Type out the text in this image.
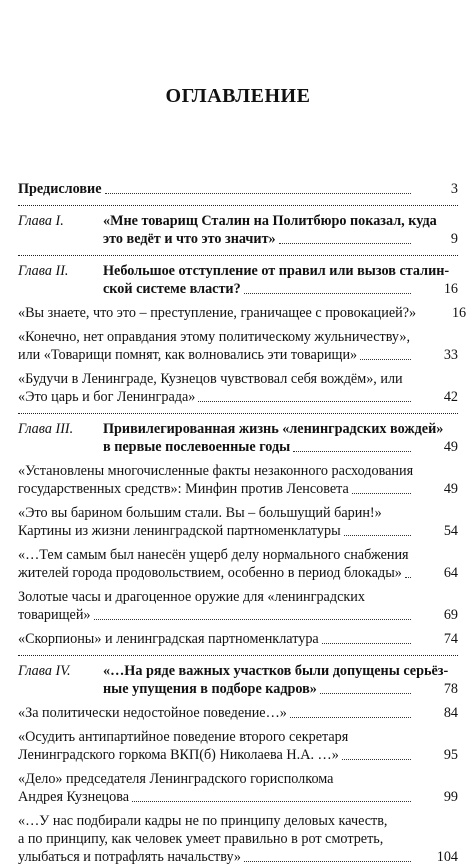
ОГЛАВЛЕНИЕ
Предисловие	3
Глава I.	«Мне товарищ Сталин на Политбюро показал, куда
это ведёт и что это значит»	9
Глава II.	Небольшое отступление от правил или вызов сталин-
ской системе власти?	16
«Вы знаете, что это – преступление, граничащее с провокацией?»	16
«Конечно, нет оправдания этому политическому жульничеству»,
или «Товарищи помнят, как волновались эти товарищи»	33
«Будучи в Ленинграде, Кузнецов чувствовал себя вождём», или
«Это царь и бог Ленинграда»	42
Глава III.	Привилегированная жизнь «ленинградских вождей»
в первые послевоенные годы	49
«Установлены многочисленные факты незаконного расходования
государственных средств»: Минфин против Ленсовета	49
«Это вы барином большим стали. Вы – большущий барин!»
Картины из жизни ленинградской партноменклатуры	54
«…Тем самым был нанесён ущерб делу нормального снабжения
жителей города продовольствием, особенно в период блокады»	64
Золотые часы и драгоценное оружие для «ленинградских
товарищей»	69
«Скорпионы» и ленинградская партноменклатура	74
Глава IV.	«…На ряде важных участков были допущены серьёз-
ные упущения в подборе кадров»	78
«За политически недостойное поведение…»	84
«Осудить антипартийное поведение второго секретаря
Ленинградского горкома ВКП(б) Николаева Н.А. …»	95
«Дело» председателя Ленинградского горисполкома
Андрея Кузнецова	99
«…У нас подбирали кадры не по принципу деловых качеств,
а по принципу, как человек умеет правильно в рот смотреть,
улыбаться и потрафлять начальству»	104
